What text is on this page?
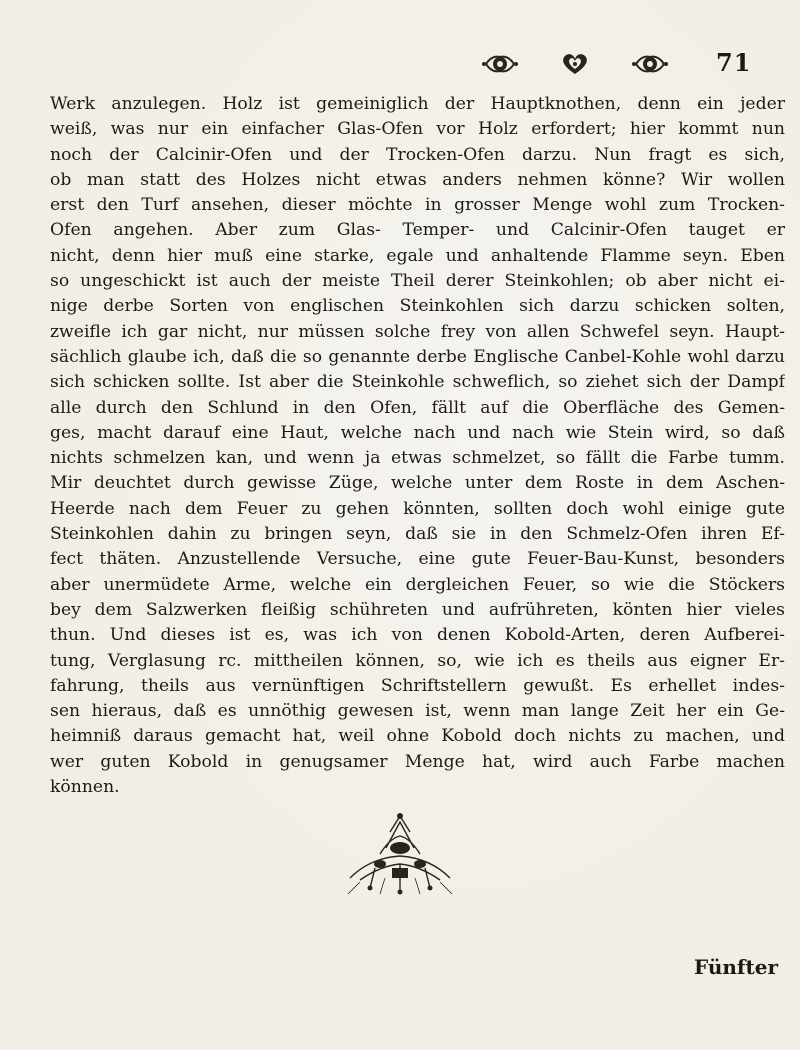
71
Werk anzulegen. Holz ist gemeiniglich der Hauptknothen, denn ein jeder
weiß, was nur ein einfacher Glas-Ofen vor Holz erfordert; hier kommt nun
noch der Calcinir-Ofen und der Trocken-Ofen darzu. Nun fragt es sich,
ob man statt des Holzes nicht etwas anders nehmen könne? Wir wollen
erst den Turf ansehen, dieser möchte in grosser Menge wohl zum Trocken-
Ofen angehen. Aber zum Glas- Temper- und Calcinir-Ofen tauget er
nicht, denn hier muß eine starke, egale und anhaltende Flamme seyn. Eben
so ungeschickt ist auch der meiste Theil derer Steinkohlen; ob aber nicht ei-
nige derbe Sorten von englischen Steinkohlen sich darzu schicken solten,
zweifle ich gar nicht, nur müssen solche frey von allen Schwefel seyn. Haupt-
sächlich glaube ich, daß die so genannte derbe Englische Canbel-Kohle wohl darzu
sich schicken sollte. Ist aber die Steinkohle schweflich, so ziehet sich der Dampf
alle durch den Schlund in den Ofen, fällt auf die Oberfläche des Gemen-
ges, macht darauf eine Haut, welche nach und nach wie Stein wird, so daß
nichts schmelzen kan, und wenn ja etwas schmelzet, so fällt die Farbe tumm.
Mir deuchtet durch gewisse Züge, welche unter dem Roste in dem Aschen-
Heerde nach dem Feuer zu gehen könnten, sollten doch wohl einige gute
Steinkohlen dahin zu bringen seyn, daß sie in den Schmelz-Ofen ihren Ef-
fect thäten. Anzustellende Versuche, eine gute Feuer-Bau-Kunst, besonders
aber unermüdete Arme, welche ein dergleichen Feuer, so wie die Stöckers
bey dem Salzwerken fleißig schühreten und aufrühreten, könten hier vieles
thun. Und dieses ist es, was ich von denen Kobold-Arten, deren Aufberei-
tung, Verglasung rc. mittheilen können, so, wie ich es theils aus eigner Er-
fahrung, theils aus vernünftigen Schriftstellern gewußt. Es erhellet indes-
sen hieraus, daß es unnöthig gewesen ist, wenn man lange Zeit her ein Ge-
heimniß daraus gemacht hat, weil ohne Kobold doch nichts zu machen, und
wer guten Kobold in genugsamer Menge hat, wird auch Farbe machen
können.
Fünfter
